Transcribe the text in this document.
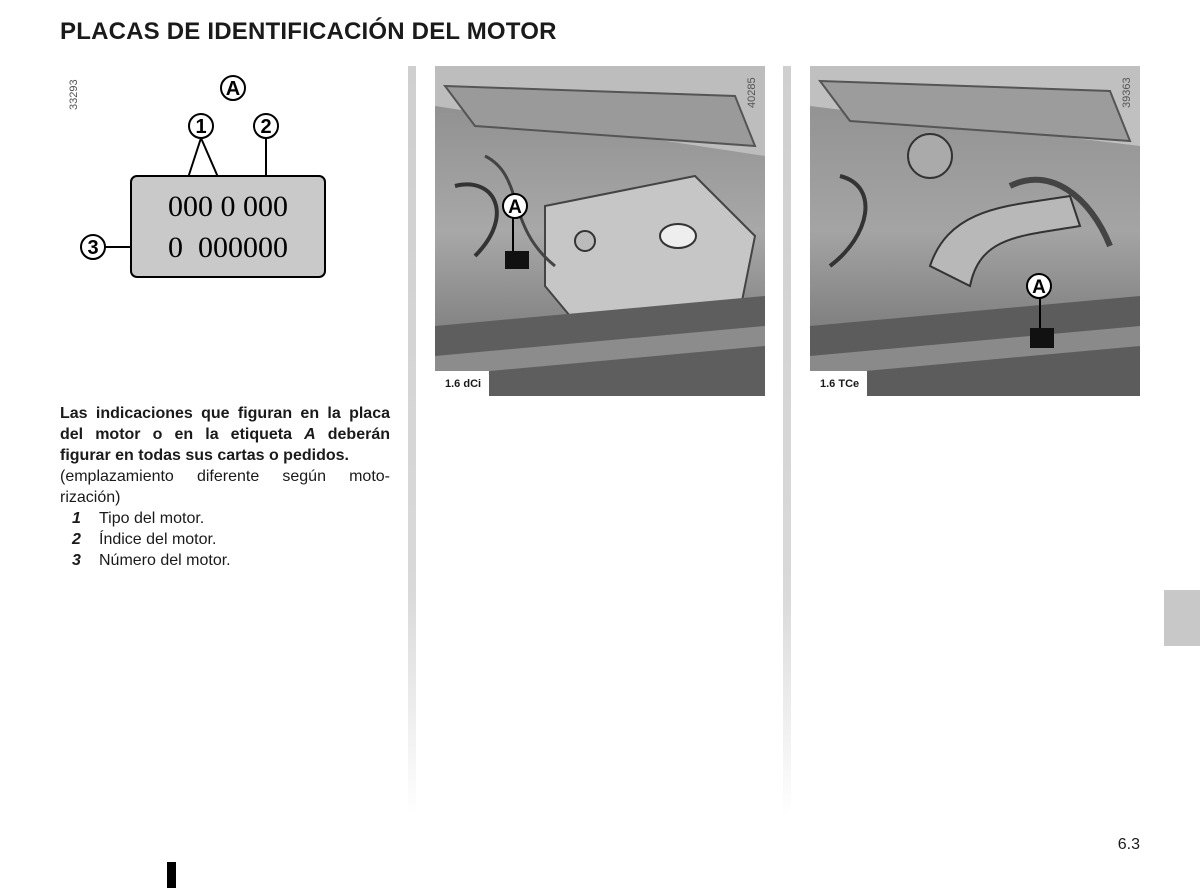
PLACAS DE IDENTIFICACIÓN DEL MOTOR
33293	A
1	2
3
000 0 000
0  000000
Las indicaciones que figuran en la placa del motor o en la etiqueta A deberán figurar en todas sus cartas o pedidos.
(emplazamiento diferente según moto-rización)
1 Tipo del motor.
2 Índice del motor.
3 Número del motor.
A
1.6 dCi
40285
A
1.6 TCe
39363
6.3
